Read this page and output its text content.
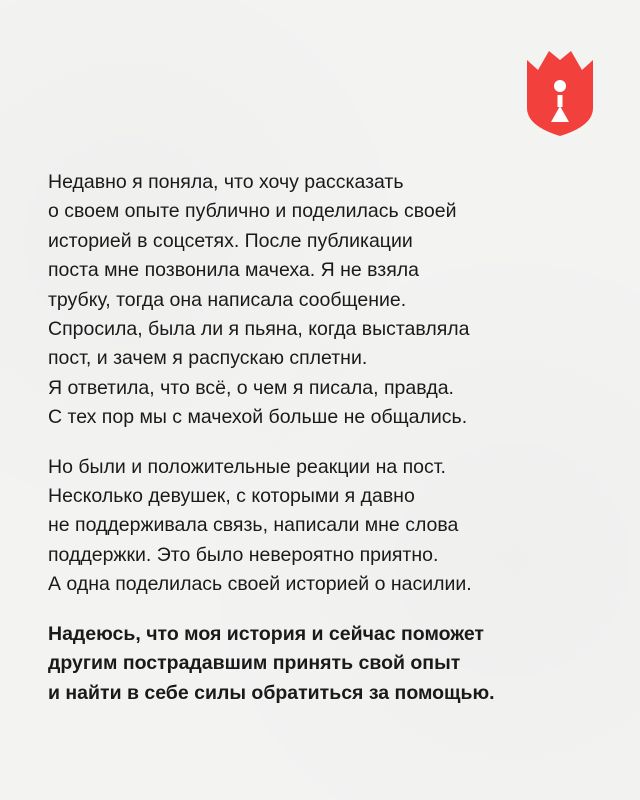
Недавно я поняла, что хочу рассказать
о своем опыте публично и поделилась своей
историей в соцсетях. После публикации
поста мне позвонила мачеха. Я не взяла
трубку, тогда она написала сообщение.
Спросила, была ли я пьяна, когда выставляла
пост, и зачем я распускаю сплетни.
Я ответила, что всё, о чем я писала, правда.
С тех пор мы с мачехой больше не общались.

Но были и положительные реакции на пост.
Несколько девушек, с которыми я давно
не поддерживала связь, написали мне слова
поддержки. Это было невероятно приятно.
А одна поделилась своей историей о насилии.

Надеюсь, что моя история и сейчас поможет
другим пострадавшим принять свой опыт
и найти в себе силы обратиться за помощью.
